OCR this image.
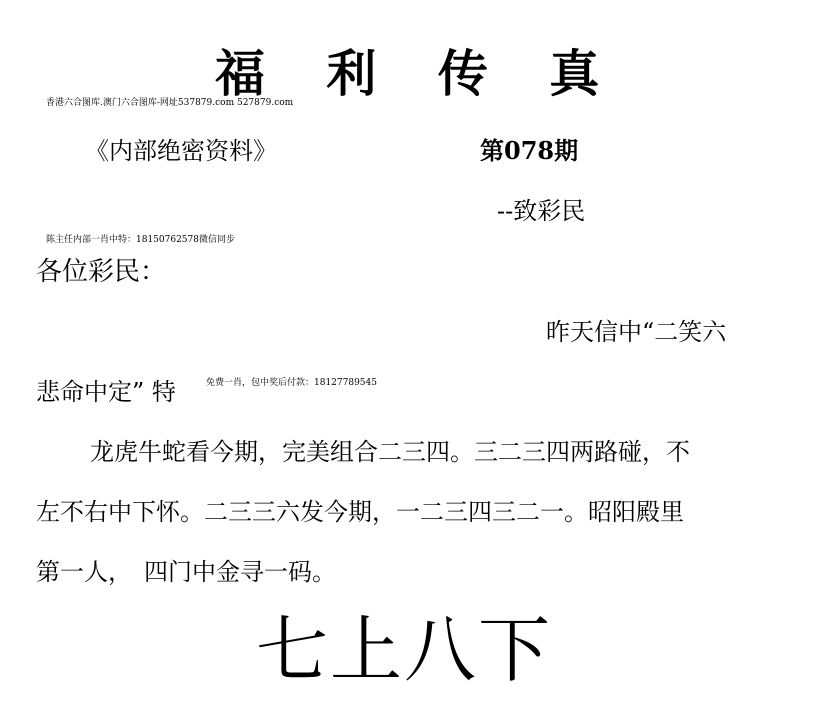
福 利 传 真
香港六合图库.澳门六合图库-网址537879.com 527879.com
《内部绝密资料》	第078期
--致彩民
陈主任内部一肖中特：18150762578微信同步
各位彩民：
昨天信中“二笑六
悲命中定” 特	免费一肖，包中奖后付款：18127789545
龙虎牛蛇看今期，完美组合二三四。三二三四两路碰，不
左不右中下怀。二三三六发今期，一二三四三二一。昭阳殿里
第一人，　四门中金寻一码。
七上八下
